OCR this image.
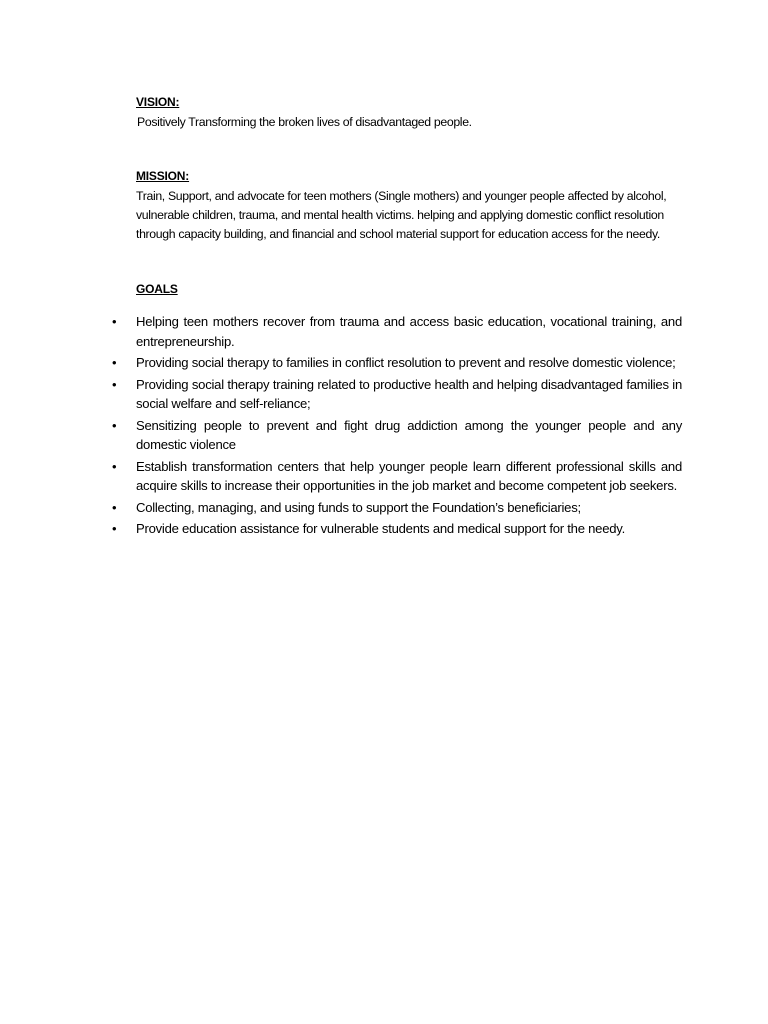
VISION:
Positively Transforming the broken lives of disadvantaged people.
MISSION:
Train, Support, and advocate for teen mothers (Single mothers) and younger people affected by alcohol, vulnerable children, trauma, and mental health victims. helping and applying domestic conflict resolution through capacity building, and financial and school material support for education access for the needy.
GOALS
•	Helping teen mothers recover from trauma and access basic education, vocational training, and entrepreneurship.
•	Providing social therapy to families in conflict resolution to prevent and resolve domestic violence;
•	Providing social therapy training related to productive health and helping disadvantaged families in social welfare and self-reliance;
•	Sensitizing people to prevent and fight drug addiction among the younger people and any domestic violence
•	Establish transformation centers that help younger people learn different professional skills and acquire skills to increase their opportunities in the job market and become competent job seekers.
•	Collecting, managing, and using funds to support the Foundation’s beneficiaries;
•	Provide education assistance for vulnerable students and medical support for the needy.
